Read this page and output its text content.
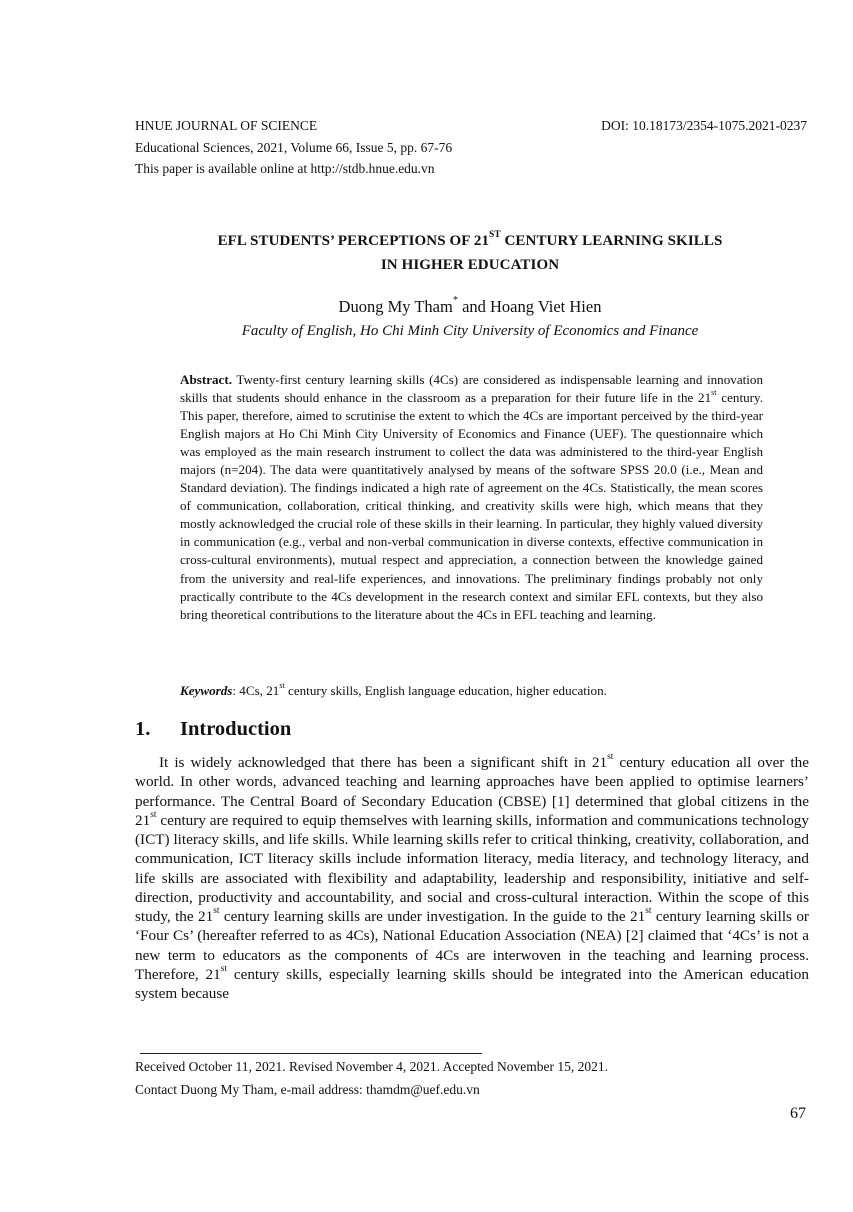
HNUE JOURNAL OF SCIENCE	DOI: 10.18173/2354-1075.2021-0237
Educational Sciences, 2021, Volume 66, Issue 5, pp. 67-76
This paper is available online at http://stdb.hnue.edu.vn
EFL STUDENTS’ PERCEPTIONS OF 21ST CENTURY LEARNING SKILLS
IN HIGHER EDUCATION
Duong My Tham* and Hoang Viet Hien
Faculty of English, Ho Chi Minh City University of Economics and Finance
Abstract. Twenty-first century learning skills (4Cs) are considered as indispensable learning and innovation skills that students should enhance in the classroom as a preparation for their future life in the 21st century. This paper, therefore, aimed to scrutinise the extent to which the 4Cs are important perceived by the third-year English majors at Ho Chi Minh City University of Economics and Finance (UEF). The questionnaire which was employed as the main research instrument to collect the data was administered to the third-year English majors (n=204). The data were quantitatively analysed by means of the software SPSS 20.0 (i.e., Mean and Standard deviation). The findings indicated a high rate of agreement on the 4Cs. Statistically, the mean scores of communication, collaboration, critical thinking, and creativity skills were high, which means that they mostly acknowledged the crucial role of these skills in their learning. In particular, they highly valued diversity in communication (e.g., verbal and non-verbal communication in diverse contexts, effective communication in cross-cultural environments), mutual respect and appreciation, a connection between the knowledge gained from the university and real-life experiences, and innovations. The preliminary findings probably not only practically contribute to the 4Cs development in the research context and similar EFL contexts, but they also bring theoretical contributions to the literature about the 4Cs in EFL teaching and learning.
Keywords: 4Cs, 21st century skills, English language education, higher education.
1. Introduction
It is widely acknowledged that there has been a significant shift in 21st century education all over the world. In other words, advanced teaching and learning approaches have been applied to optimise learners’ performance. The Central Board of Secondary Education (CBSE) [1] determined that global citizens in the 21st century are required to equip themselves with learning skills, information and communications technology (ICT) literacy skills, and life skills. While learning skills refer to critical thinking, creativity, collaboration, and communication, ICT literacy skills include information literacy, media literacy, and technology literacy, and life skills are associated with flexibility and adaptability, leadership and responsibility, initiative and self-direction, productivity and accountability, and social and cross-cultural interaction. Within the scope of this study, the 21st century learning skills are under investigation. In the guide to the 21st century learning skills or ‘Four Cs’ (hereafter referred to as 4Cs), National Education Association (NEA) [2] claimed that ‘4Cs’ is not a new term to educators as the components of 4Cs are interwoven in the teaching and learning process. Therefore, 21st century skills, especially learning skills should be integrated into the American education system because
Received October 11, 2021. Revised November 4, 2021. Accepted November 15, 2021.
Contact Duong My Tham, e-mail address: thamdm@uef.edu.vn
67
